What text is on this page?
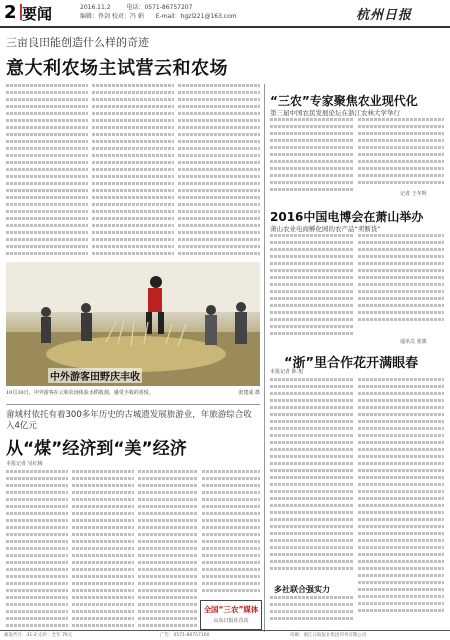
2 要闻	2016.11.2	电话：0571-86757207
编辑：佟剑 校对：冯 娟 E-mail：hgzl221@163.com	杭州日报
三亩良田能创造什么样的奇迹
意大利农场主试营云和农场
中外游客田野庆丰收
10月30日，中外游客在云和农场体验水稻收割，感受丰收的喜悦。	张建成 摄
畲域村依托有着300多年历史的古城遗发展旅游业，年旅游综合收入4亿元
从“煤”经济到“美”经济
本报记者 吴红梅
全国“三农”媒体
山东日报社首次
“三农”专家聚焦农业现代化
第三届中国农民发展论坛在浙江农林大学举行
记者 王冬辉
2016中国电博会在萧山举办
萧山农业电商孵化园的农产品“卖断货”
通讯员 张旗
“浙”里合作花开满眼春
本报记者 陈 旭
多社联合强实力
邮发代号：31-2 定价：全年 76元	广告：0571-86757160	印刷：浙江日报报业集团印务有限公司
